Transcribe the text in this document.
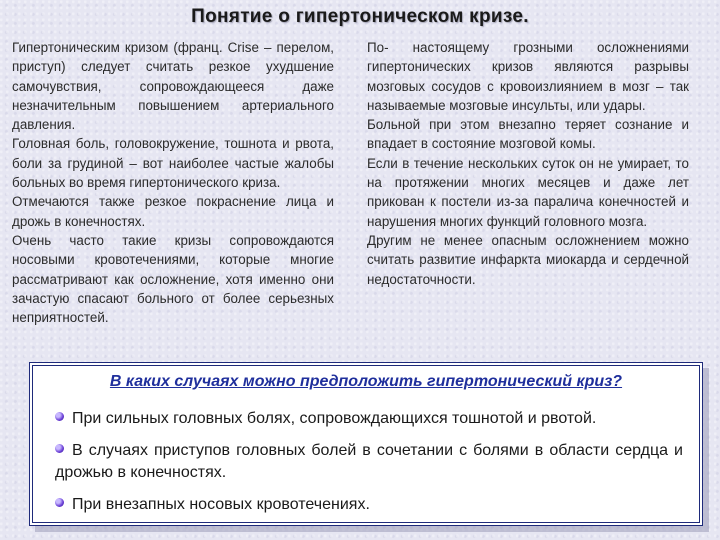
Понятие о гипертоническом кризе.

Гипертоническим кризом (франц. Crise – перелом, приступ) следует считать резкое ухудшение самочувствия, сопровождающееся даже незначительным повышением артериального давления.

Головная боль, головокружение, тошнота и рвота, боли за грудиной – вот наиболее частые жалобы больных во время гипертонического криза.

Отмечаются также резкое покраснение лица и дрожь в конечностях.

Очень часто такие кризы сопровождаются носовыми кровотечениями, которые многие рассматривают как осложнение, хотя именно они зачастую спасают больного от более серьезных неприятностей.

По- настоящему грозными осложнениями гипертонических кризов являются разрывы мозговых сосудов с кровоизлиянием в мозг – так называемые мозговые инсульты, или удары.

Больной при этом внезапно теряет сознание и впадает в состояние мозговой комы.

Если в течение нескольких суток он не умирает, то на протяжении многих месяцев и даже лет прикован к постели из-за паралича конечностей и нарушения многих функций головного мозга.

Другим не менее опасным осложнением можно считать развитие инфаркта миокарда и сердечной недостаточности.

В каких случаях можно предположить гипертонический криз?
При сильных головных болях, сопровождающихся тошнотой и рвотой.
В случаях приступов головных болей в сочетании с болями в области сердца и дрожью в конечностях.
При внезапных носовых кровотечениях.
